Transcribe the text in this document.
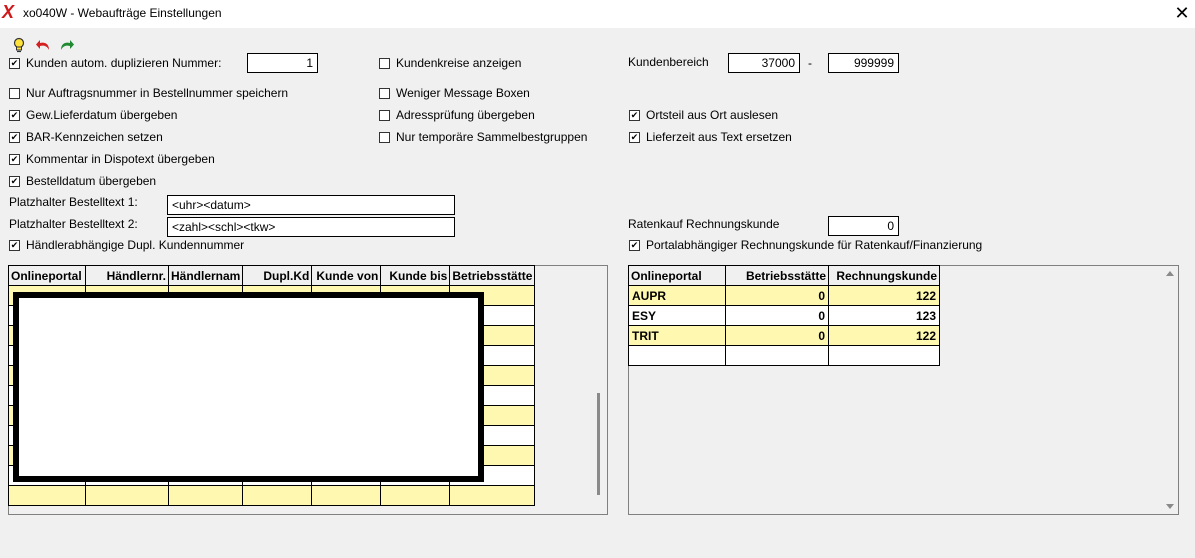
X xo040W - Webaufträge Einstellungen	✕
✔
Kunden autom. duplizieren Nummer:
1
Nur Auftragsnummer in Bestellnummer speichern
✔
Gew.Lieferdatum übergeben
✔
BAR-Kennzeichen setzen
✔
Kommentar in Dispotext übergeben
✔
Bestelldatum übergeben
Kundenkreise anzeigen
Weniger Message Boxen
Adressprüfung übergeben
Nur temporäre Sammelbestgruppen
Kundenbereich
37000	-
999999
✔
Ortsteil aus Ort auslesen
✔
Lieferzeit aus Text ersetzen
Platzhalter Bestelltext 1:
<uhr><datum>
Platzhalter Bestelltext 2:
<zahl><schl><tkw>
✔
Händlerabhängige Dupl. Kundennummer
Ratenkauf Rechnungskunde
0
✔
Portalabhängiger Rechnungskunde für Ratenkauf/Finanzierung
Onlineportal	Händlernr.	Händlernam	Dupl.Kd	Kunde von	Kunde bis	Betriebsstätte

							Onlineportal	Betriebsstätte	Rechnungskunde
AUPR	0	122
ESY	0	123
TRIT	0	122
